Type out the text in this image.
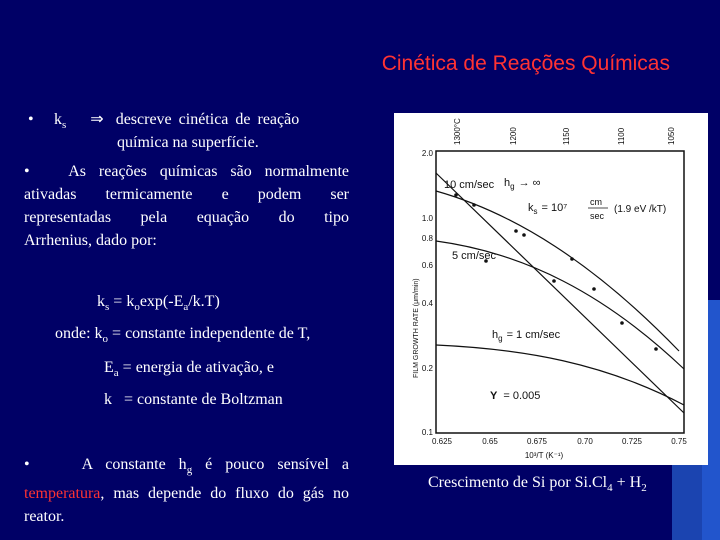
Cinética de Reações Químicas
• $k_s$ ⇒ descreve cinética de reação
química na superfície.
• As reações químicas são normalmente
ativadas termicamente e podem ser
representadas pela equação do tipo
Arrhenius, dado por:
$k_s = k_o\exp(-E_a/k.T)$
onde: $k_o$ = constante independente de T,
$E_a$ = energia de ativação, e
k   = constante de Boltzman
•	A constante $h_g$ é pouco sensível a
temperatura, mas depende do fluxo do gás no
reator.
1300°C	1200	1150	1100	1050
2.0
1.0
0.8
0.6
0.4
0.2
0.1
FILM GROWTH RATE (μm/min)
0.625	0.65	0.675	0.70	0.725	0.75
10³/T (K⁻¹)
10 cm/sec
5 cm/sec
$h_g$ → ∞
$k_s = 10^7$	cm
sec
(1.9 eV /kT)
$h_g = 1$ cm/sec
Y = 0.005
Crescimento de Si por $Si.Cl_4 + H_2$
